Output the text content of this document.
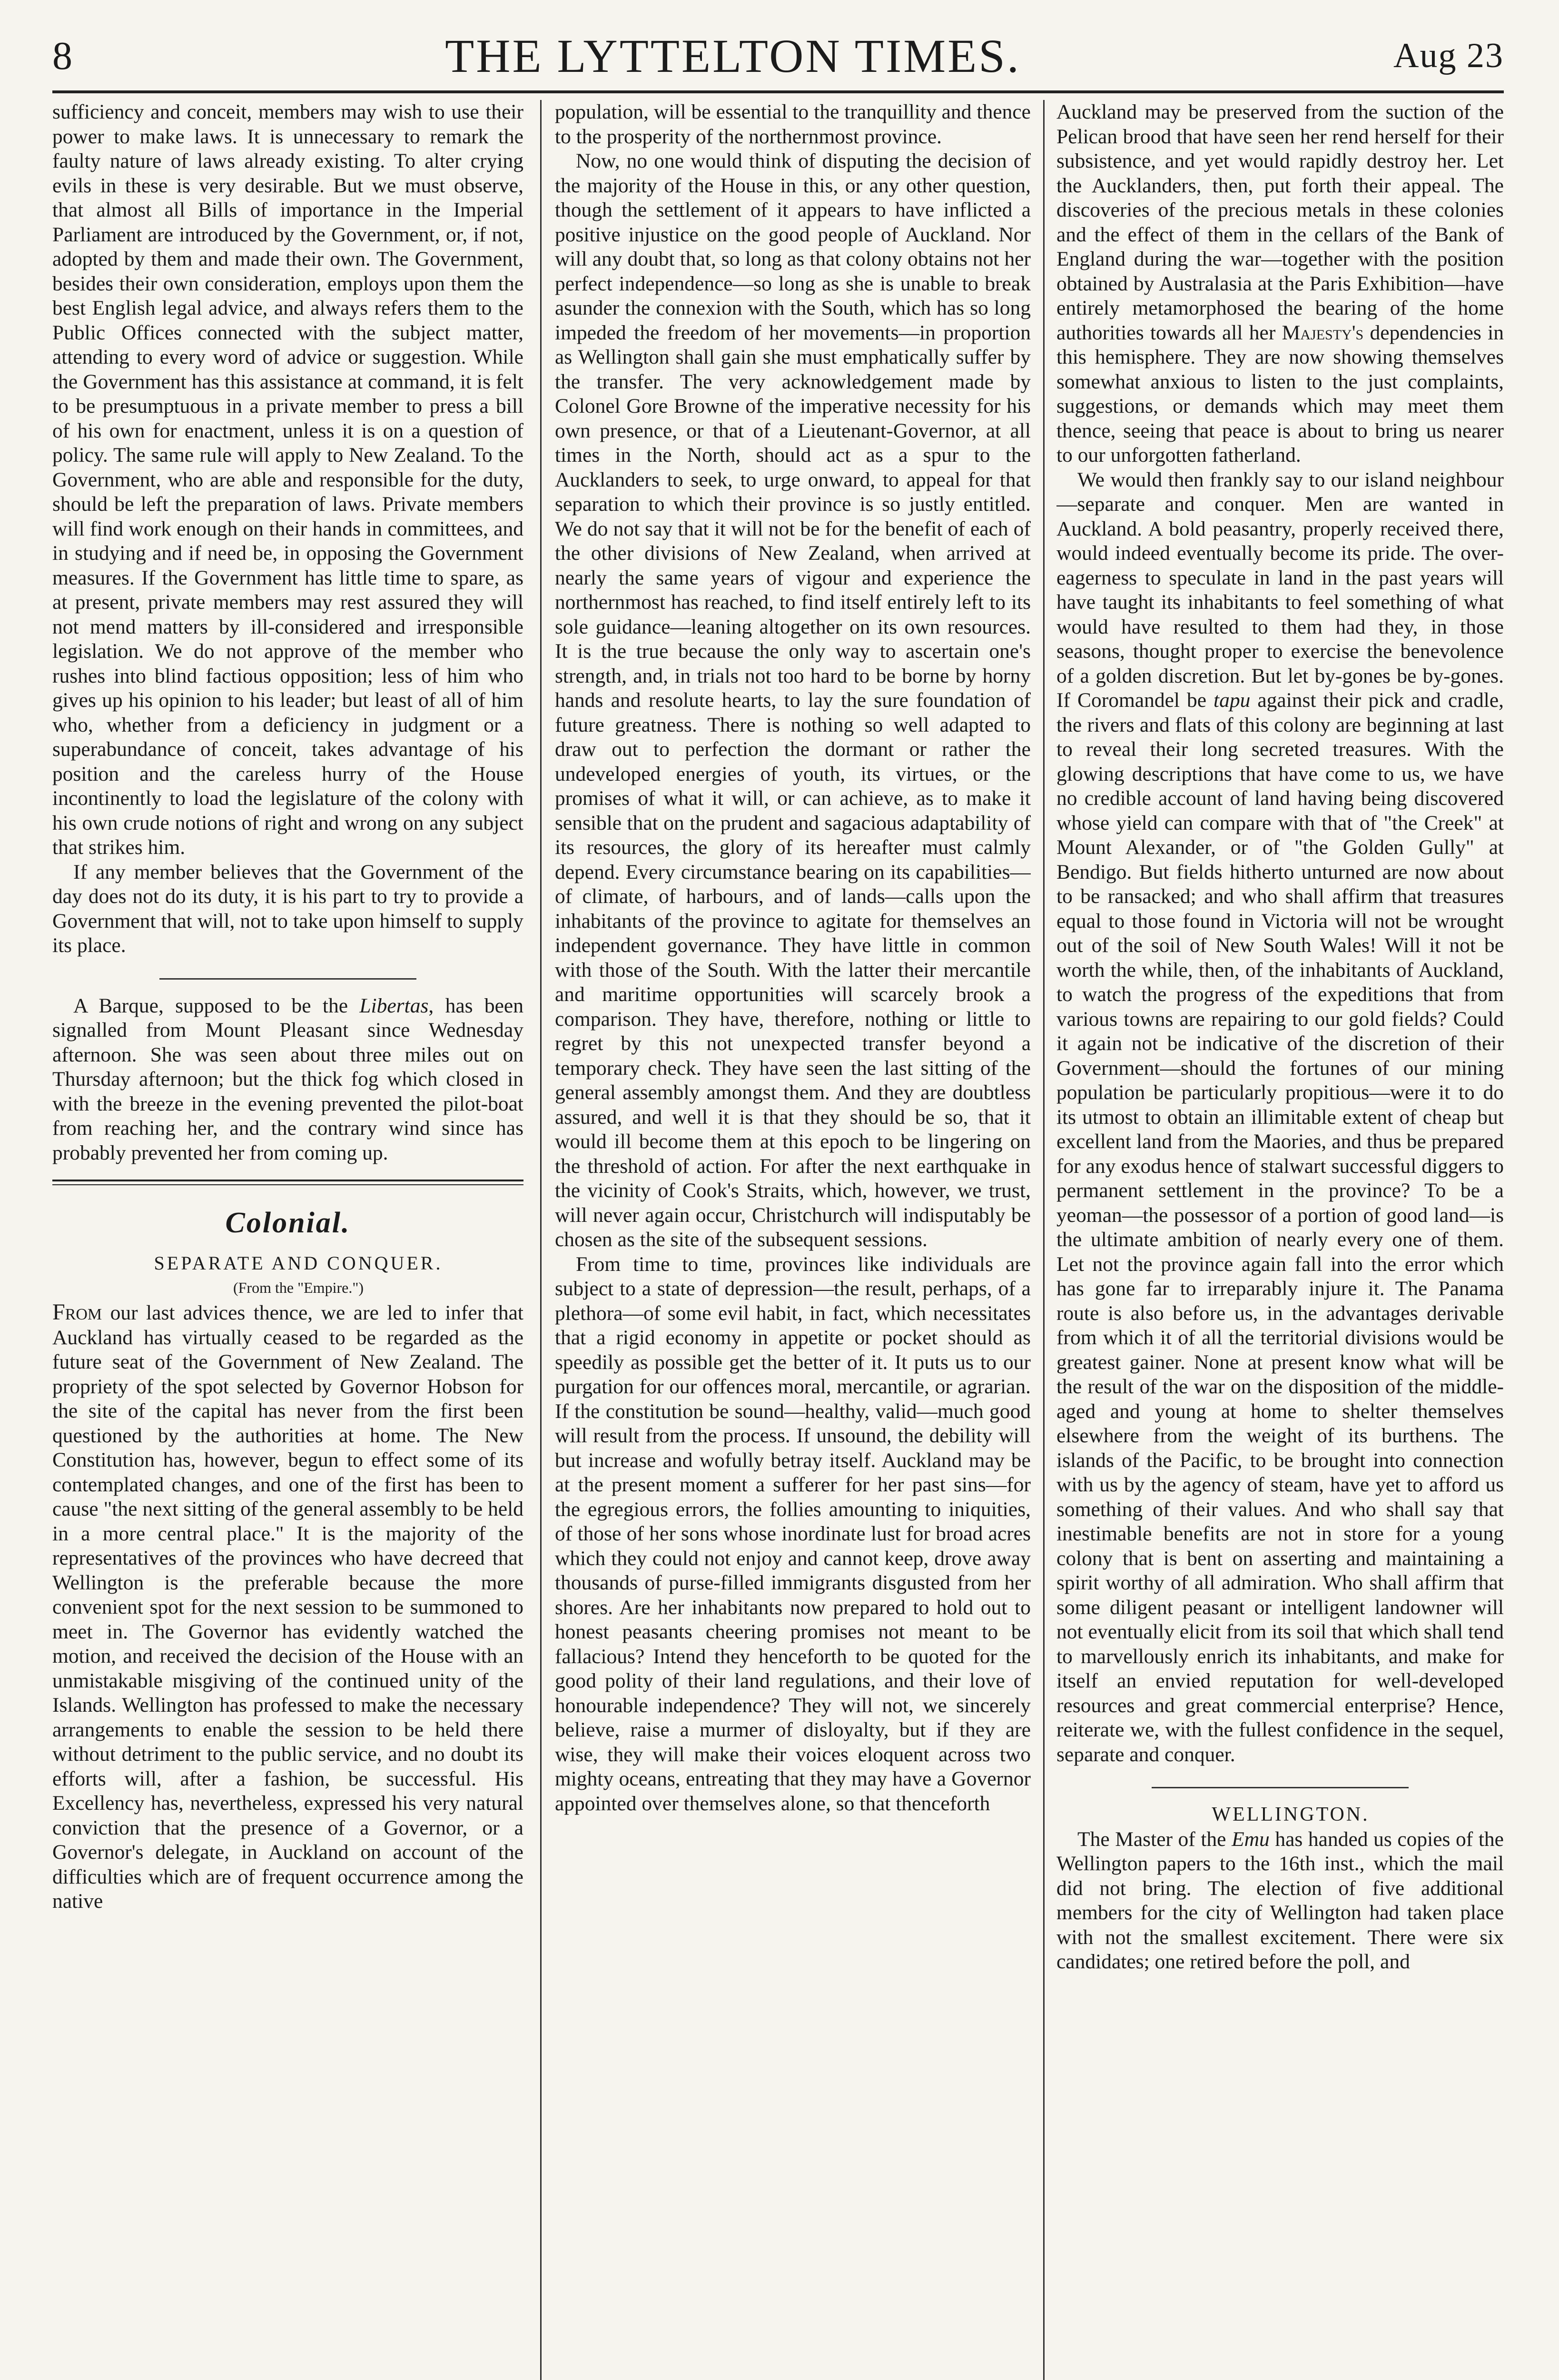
8	THE LYTTELTON TIMES.	Aug 23

sufficiency and conceit, members may wish to use their power to make laws. It is unnecessary to remark the faulty nature of laws already existing. To alter crying evils in these is very desirable. But we must observe, that almost all Bills of importance in the Imperial Parliament are introduced by the Government, or, if not, adopted by them and made their own. The Government, besides their own consideration, employs upon them the best English legal advice, and always refers them to the Public Offices connected with the subject matter, attending to every word of advice or suggestion. While the Government has this assistance at command, it is felt to be presumptuous in a private member to press a bill of his own for enactment, unless it is on a question of policy. The same rule will apply to New Zealand. To the Government, who are able and responsible for the duty, should be left the preparation of laws. Private members will find work enough on their hands in committees, and in studying and if need be, in opposing the Government measures. If the Government has little time to spare, as at present, private members may rest assured they will not mend matters by ill-considered and irresponsible legislation. We do not approve of the member who rushes into blind factious opposition; less of him who gives up his opinion to his leader; but least of all of him who, whether from a deficiency in judgment or a superabundance of conceit, takes advantage of his position and the careless hurry of the House incontinently to load the legislature of the colony with his own crude notions of right and wrong on any subject that strikes him.

If any member believes that the Government of the day does not do its duty, it is his part to try to provide a Government that will, not to take upon himself to supply its place.

A Barque, supposed to be the Libertas, has been signalled from Mount Pleasant since Wednesday afternoon. She was seen about three miles out on Thursday afternoon; but the thick fog which closed in with the breeze in the evening prevented the pilot-boat from reaching her, and the contrary wind since has probably prevented her from coming up.

Colonial.

SEPARATE AND CONQUER.

(From the "Empire.")

From our last advices thence, we are led to infer that Auckland has virtually ceased to be regarded as the future seat of the Government of New Zealand. The propriety of the spot selected by Governor Hobson for the site of the capital has never from the first been questioned by the authorities at home. The New Constitution has, however, begun to effect some of its contemplated changes, and one of the first has been to cause "the next sitting of the general assembly to be held in a more central place." It is the majority of the representatives of the provinces who have decreed that Wellington is the preferable because the more convenient spot for the next session to be summoned to meet in. The Governor has evidently watched the motion, and received the decision of the House with an unmistakable misgiving of the continued unity of the Islands. Wellington has professed to make the necessary arrangements to enable the session to be held there without detriment to the public service, and no doubt its efforts will, after a fashion, be successful. His Excellency has, nevertheless, expressed his very natural conviction that the presence of a Governor, or a Governor's delegate, in Auckland on account of the difficulties which are of frequent occurrence among the native

population, will be essential to the tranquillity and thence to the prosperity of the northernmost province.

Now, no one would think of disputing the decision of the majority of the House in this, or any other question, though the settlement of it appears to have inflicted a positive injustice on the good people of Auckland. Nor will any doubt that, so long as that colony obtains not her perfect independence—so long as she is unable to break asunder the connexion with the South, which has so long impeded the freedom of her movements—in proportion as Wellington shall gain she must emphatically suffer by the transfer. The very acknowledgement made by Colonel Gore Browne of the imperative necessity for his own presence, or that of a Lieutenant-Governor, at all times in the North, should act as a spur to the Aucklanders to seek, to urge onward, to appeal for that separation to which their province is so justly entitled. We do not say that it will not be for the benefit of each of the other divisions of New Zealand, when arrived at nearly the same years of vigour and experience the northernmost has reached, to find itself entirely left to its sole guidance—leaning altogether on its own resources. It is the true because the only way to ascertain one's strength, and, in trials not too hard to be borne by horny hands and resolute hearts, to lay the sure foundation of future greatness. There is nothing so well adapted to draw out to perfection the dormant or rather the undeveloped energies of youth, its virtues, or the promises of what it will, or can achieve, as to make it sensible that on the prudent and sagacious adaptability of its resources, the glory of its hereafter must calmly depend. Every circumstance bearing on its capabilities—of climate, of harbours, and of lands—calls upon the inhabitants of the province to agitate for themselves an independent governance. They have little in common with those of the South. With the latter their mercantile and maritime opportunities will scarcely brook a comparison. They have, therefore, nothing or little to regret by this not unexpected transfer beyond a temporary check. They have seen the last sitting of the general assembly amongst them. And they are doubtless assured, and well it is that they should be so, that it would ill become them at this epoch to be lingering on the threshold of action. For after the next earthquake in the vicinity of Cook's Straits, which, however, we trust, will never again occur, Christchurch will indisputably be chosen as the site of the subsequent sessions.

From time to time, provinces like individuals are subject to a state of depression—the result, perhaps, of a plethora—of some evil habit, in fact, which necessitates that a rigid economy in appetite or pocket should as speedily as possible get the better of it. It puts us to our purgation for our offences moral, mercantile, or agrarian. If the constitution be sound—healthy, valid—much good will result from the process. If unsound, the debility will but increase and wofully betray itself. Auckland may be at the present moment a sufferer for her past sins—for the egregious errors, the follies amounting to iniquities, of those of her sons whose inordinate lust for broad acres which they could not enjoy and cannot keep, drove away thousands of purse-filled immigrants disgusted from her shores. Are her inhabitants now prepared to hold out to honest peasants cheering promises not meant to be fallacious? Intend they henceforth to be quoted for the good polity of their land regulations, and their love of honourable independence? They will not, we sincerely believe, raise a murmer of disloyalty, but if they are wise, they will make their voices eloquent across two mighty oceans, entreating that they may have a Governor appointed over themselves alone, so that thenceforth

Auckland may be preserved from the suction of the Pelican brood that have seen her rend herself for their subsistence, and yet would rapidly destroy her. Let the Aucklanders, then, put forth their appeal. The discoveries of the precious metals in these colonies and the effect of them in the cellars of the Bank of England during the war—together with the position obtained by Australasia at the Paris Exhibition—have entirely metamorphosed the bearing of the home authorities towards all her Majesty's dependencies in this hemisphere. They are now showing themselves somewhat anxious to listen to the just complaints, suggestions, or demands which may meet them thence, seeing that peace is about to bring us nearer to our unforgotten fatherland.

We would then frankly say to our island neighbour—separate and conquer. Men are wanted in Auckland. A bold peasantry, properly received there, would indeed eventually become its pride. The over-eagerness to speculate in land in the past years will have taught its inhabitants to feel something of what would have resulted to them had they, in those seasons, thought proper to exercise the benevolence of a golden discretion. But let by-gones be by-gones. If Coromandel be tapu against their pick and cradle, the rivers and flats of this colony are beginning at last to reveal their long secreted treasures. With the glowing descriptions that have come to us, we have no credible account of land having being discovered whose yield can compare with that of "the Creek" at Mount Alexander, or of "the Golden Gully" at Bendigo. But fields hitherto unturned are now about to be ransacked; and who shall affirm that treasures equal to those found in Victoria will not be wrought out of the soil of New South Wales! Will it not be worth the while, then, of the inhabitants of Auckland, to watch the progress of the expeditions that from various towns are repairing to our gold fields? Could it again not be indicative of the discretion of their Government—should the fortunes of our mining population be particularly propitious—were it to do its utmost to obtain an illimitable extent of cheap but excellent land from the Maories, and thus be prepared for any exodus hence of stalwart successful diggers to permanent settlement in the province? To be a yeoman—the possessor of a portion of good land—is the ultimate ambition of nearly every one of them. Let not the province again fall into the error which has gone far to irreparably injure it. The Panama route is also before us, in the advantages derivable from which it of all the territorial divisions would be greatest gainer. None at present know what will be the result of the war on the disposition of the middle-aged and young at home to shelter themselves elsewhere from the weight of its burthens. The islands of the Pacific, to be brought into connection with us by the agency of steam, have yet to afford us something of their values. And who shall say that inestimable benefits are not in store for a young colony that is bent on asserting and maintaining a spirit worthy of all admiration. Who shall affirm that some diligent peasant or intelligent landowner will not eventually elicit from its soil that which shall tend to marvellously enrich its inhabitants, and make for itself an envied reputation for well-developed resources and great commercial enterprise? Hence, reiterate we, with the fullest confidence in the sequel, separate and conquer.

WELLINGTON.

The Master of the Emu has handed us copies of the Wellington papers to the 16th inst., which the mail did not bring. The election of five additional members for the city of Wellington had taken place with not the smallest excitement. There were six candidates; one retired before the poll, and
